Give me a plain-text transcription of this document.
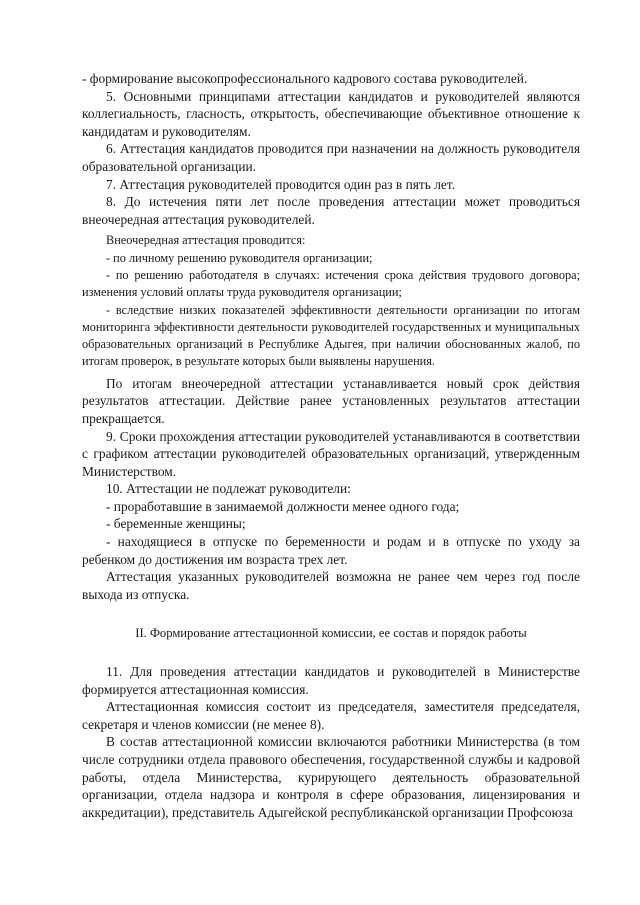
- формирование высокопрофессионального кадрового состава руководителей.

5. Основными принципами аттестации кандидатов и руководителей являются коллегиальность, гласность, открытость, обеспечивающие объективное отношение к кандидатам и руководителям.

6. Аттестация кандидатов проводится при назначении на должность руководителя образовательной организации.

7. Аттестация руководителей проводится один раз в пять лет.

8. До истечения пяти лет после проведения аттестации может проводиться внеочередная аттестация руководителей.

Внеочередная аттестация проводится:

- по личному решению руководителя организации;

- по решению работодателя в случаях: истечения срока действия трудового договора; изменения условий оплаты труда руководителя организации;

- вследствие низких показателей эффективности деятельности организации по итогам мониторинга эффективности деятельности руководителей государственных и муниципальных образовательных организаций в Республике Адыгея, при наличии обоснованных жалоб, по итогам проверок, в результате которых были выявлены нарушения.

По итогам внеочередной аттестации устанавливается новый срок действия результатов аттестации. Действие ранее установленных результатов аттестации прекращается.

9. Сроки прохождения аттестации руководителей устанавливаются в соответствии с графиком аттестации руководителей образовательных организаций, утвержденным Министерством.

10. Аттестации не подлежат руководители:

- проработавшие в занимаемой должности менее одного года;

- беременные женщины;

- находящиеся в отпуске по беременности и родам и в отпуске по уходу за ребенком до достижения им возраста трех лет.

Аттестация указанных руководителей возможна не ранее чем через год после выхода из отпуска.

II. Формирование аттестационной комиссии, ее состав и порядок работы

11. Для проведения аттестации кандидатов и руководителей в Министерстве формируется аттестационная комиссия.

Аттестационная комиссия состоит из председателя, заместителя председателя, секретаря и членов комиссии (не менее 8).

В состав аттестационной комиссии включаются работники Министерства (в том числе сотрудники отдела правового обеспечения, государственной службы и кадровой работы, отдела Министерства, курирующего деятельность образовательной организации, отдела надзора и контроля в сфере образования, лицензирования и аккредитации), представитель Адыгейской республиканской организации Профсоюза
